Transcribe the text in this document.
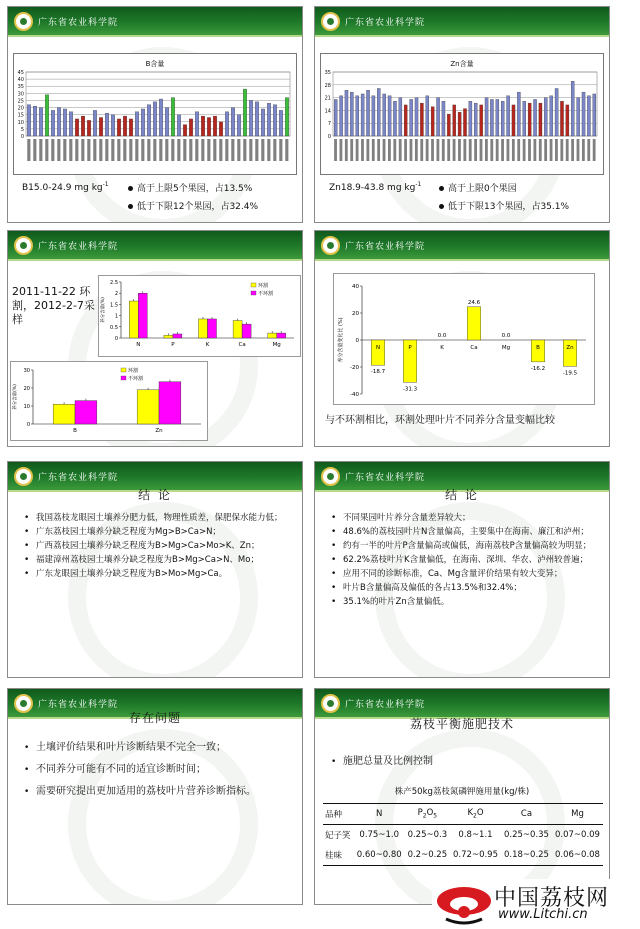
广东省农业科学院
B含量
0
5
10
15
20
25
30
35
40
45
B15.0-24.9 mg $kg^{-1}$	高于上限5个果园，占13.5%
低于下限12个果园，占32.4%
广东省农业科学院
Zn含量
0
7
14
21
28
35
Zn18.9-43.8 mg $kg^{-1}$	高于上限0个果园
低于下限13个果园，占35.1%
广东省农业科学院
2011-11-22 环割，2012-2-7采样
0
0.5
1
1.5
2
2.5
N	P	K	Ca	Mg
养分含量(%)
环割
不环割
0
10
20
30
B	Zn
养分含量(%)
环割
不环割
广东省农业科学院
-40
-20
0
20
40
养分含量变化比 (%)	N
-18.7
P
-31.3
K
0.0
Ca
24.6
Mg
0.0
B
-16.2
Zn
-19.5
与不环割相比，环割处理叶片不同养分含量变幅比较
广东省农业科学院
结 论
• 我国荔枝龙眼园土壤养分肥力低，物理性质差，保肥保水能力低；
• 广东荔枝园土壤养分缺乏程度为Mg>B>Ca>N；
• 广西荔枝园土壤养分缺乏程度为B>Mg>Ca>Mo>K、Zn；
• 福建漳州荔枝园土壤养分缺乏程度为B>Mg>Ca>N、Mo；
• 广东龙眼园土壤养分缺乏程度为B>Mo>Mg>Ca。
广东省农业科学院
结 论
• 不同果园叶片养分含量差异较大；
• 48.6%的荔枝园叶片N含量偏高，主要集中在海南、廉江和泸州；
• 约有一半的叶片P含量偏高或偏低，海南荔枝P含量偏高较为明显；
• 62.2%荔枝叶片K含量偏低，在海南、深圳、华农、泸州较普遍；
• 应用不同的诊断标准，Ca、Mg含量评价结果有较大变异；
• 叶片B含量偏高及偏低的各占13.5%和32.4%；
• 35.1%的叶片Zn含量偏低。
广东省农业科学院
存在问题
• 土壤评价结果和叶片诊断结果不完全一致；
• 不同养分可能有不同的适宜诊断时间；
• 需要研究提出更加适用的荔枝叶片营养诊断指标。
广东省农业科学院
荔枝平衡施肥技术
• 施肥总量及比例控制
株产50kg荔枝氮磷钾施用量(kg/株)
品种	N	$P_2O_5$	$K_2O$	Ca	Mg
妃子笑	0.75~1.0	0.25~0.3	0.8~1.1	0.25~0.35	0.07~0.09
桂味	0.60~0.80	0.2~0.25	0.72~0.95	0.18~0.25	0.06~0.08
中国荔枝网
www.Litchi.cn
